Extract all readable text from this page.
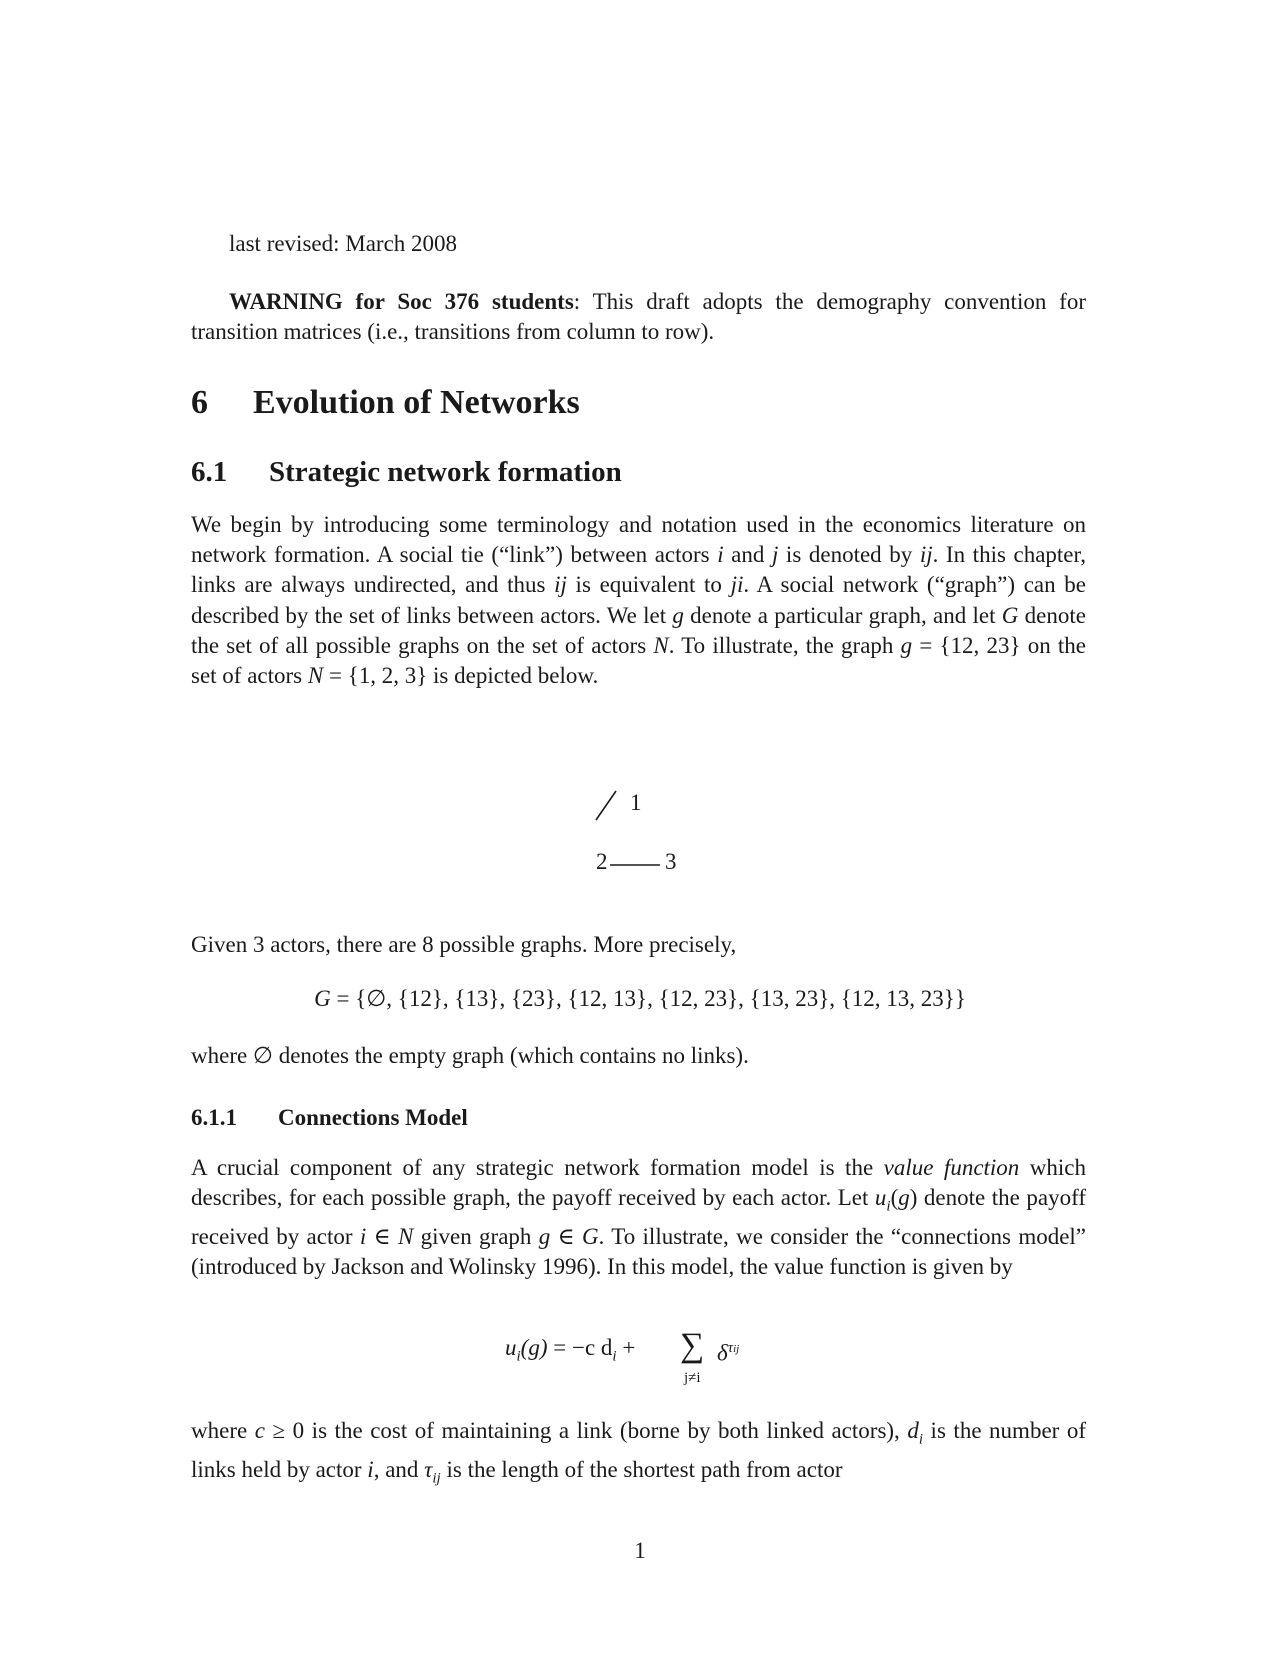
last revised: March 2008
WARNING for Soc 376 students: This draft adopts the demography convention for transition matrices (i.e., transitions from column to row).
6 Evolution of Networks
6.1 Strategic network formation
We begin by introducing some terminology and notation used in the economics literature on network formation. A social tie (“link”) between actors i and j is denoted by ij. In this chapter, links are always undirected, and thus ij is equivalent to ji. A social network (“graph”) can be described by the set of links between actors. We let g denote a particular graph, and let G denote the set of all possible graphs on the set of actors N. To illustrate, the graph g = {12, 23} on the set of actors N = {1, 2, 3} is depicted below.
1
2	3
Given 3 actors, there are 8 possible graphs. More precisely,
G = {∅, {12}, {13}, {23}, {12, 13}, {12, 23}, {13, 23}, {12, 13, 23}}
where ∅ denotes the empty graph (which contains no links).
6.1.1 Connections Model
A crucial component of any strategic network formation model is the value function which describes, for each possible graph, the payoff received by each actor. Let $u_i(g)$ denote the payoff received by actor i ∈ N given graph g ∈ G. To illustrate, we consider the “connections model” (introduced by Jackson and Wolinsky 1996). In this model, the value function is given by
$u_i(g) = -c$ $d_i$ + ∑
j≠i
$\delta^{\tau ij}$
where c ≥ 0 is the cost of maintaining a link (borne by both linked actors), $d_i$ is the number of links held by actor i, and $\tau_{ij}$ is the length of the shortest path from actor
1
